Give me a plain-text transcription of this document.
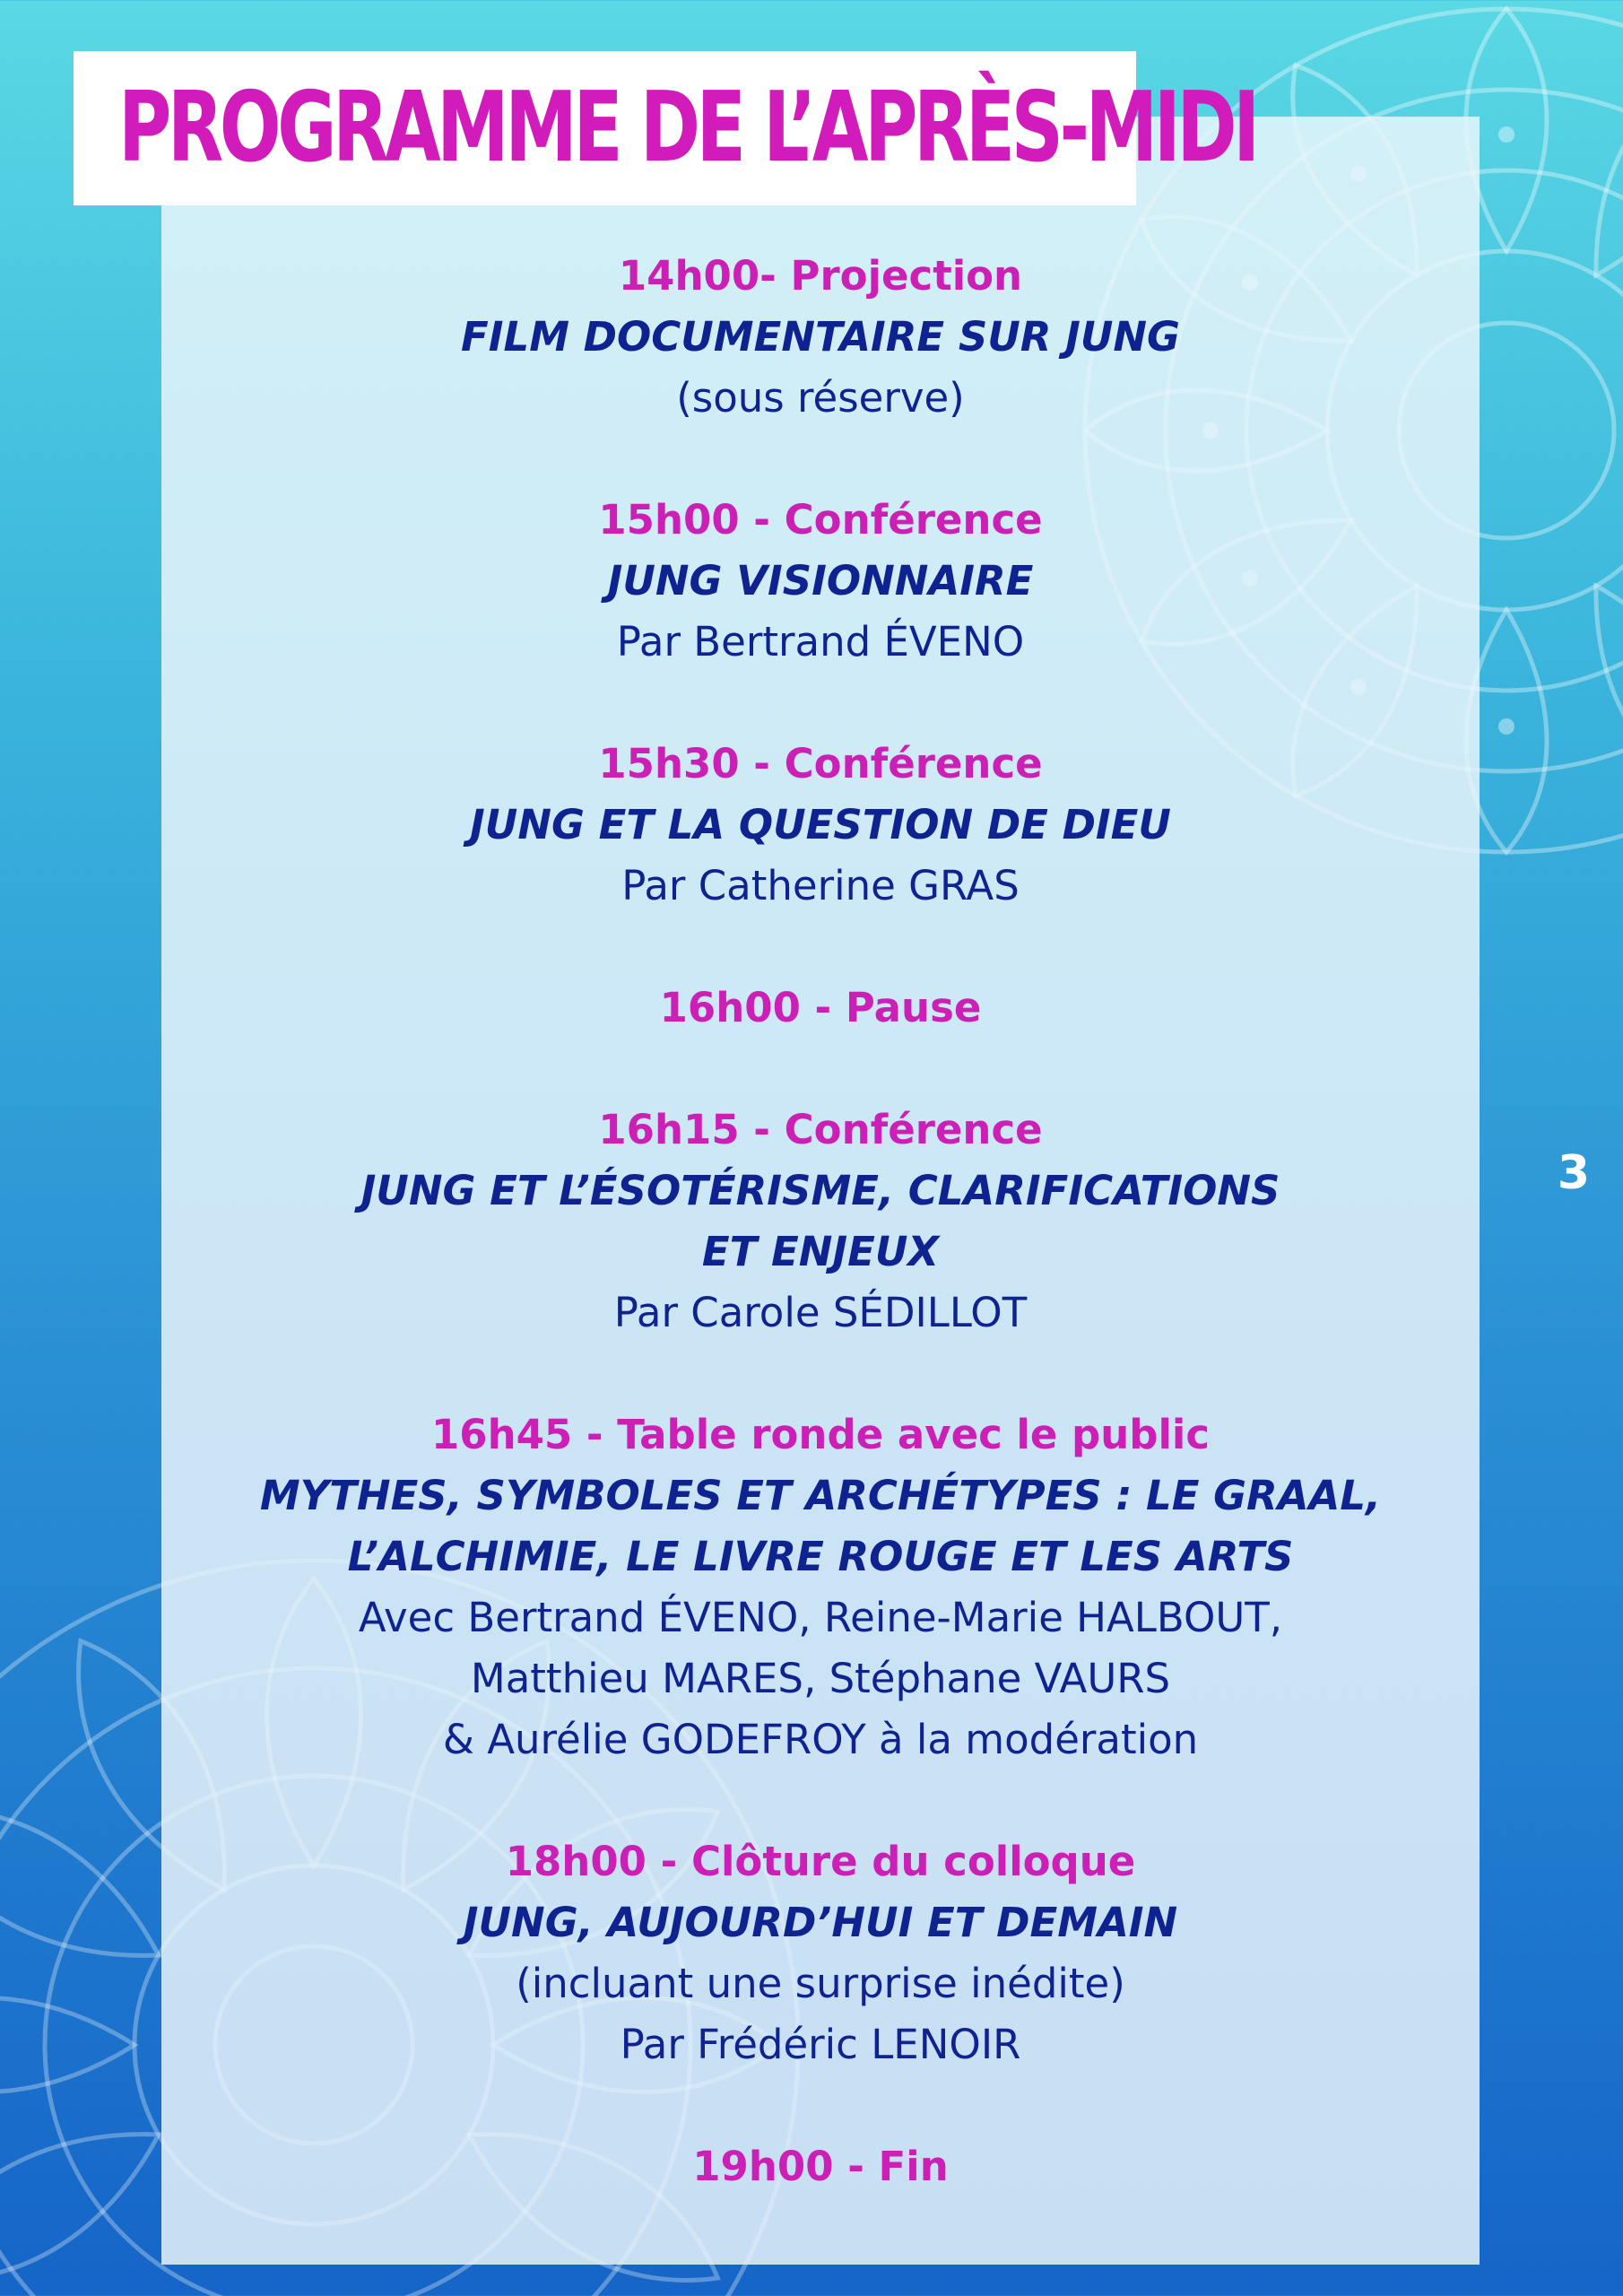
PROGRAMME DE L’APRÈS-MIDI
14h00- Projection
FILM DOCUMENTAIRE SUR JUNG
(sous réserve)
15h00 - Conférence
JUNG VISIONNAIRE
Par Bertrand ÉVENO
15h30 - Conférence
JUNG ET LA QUESTION DE DIEU
Par Catherine GRAS
16h00 - Pause
16h15 - Conférence
JUNG ET L’ÉSOTÉRISME, CLARIFICATIONS
ET ENJEUX
Par Carole SÉDILLOT
16h45 - Table ronde avec le public
MYTHES, SYMBOLES ET ARCHÉTYPES : LE GRAAL,
L’ALCHIMIE, LE LIVRE ROUGE ET LES ARTS
Avec Bertrand ÉVENO, Reine-Marie HALBOUT,
Matthieu MARES, Stéphane VAURS
& Aurélie GODEFROY à la modération
18h00 - Clôture du colloque
JUNG, AUJOURD’HUI ET DEMAIN
(incluant une surprise inédite)
Par Frédéric LENOIR
19h00 - Fin
3
